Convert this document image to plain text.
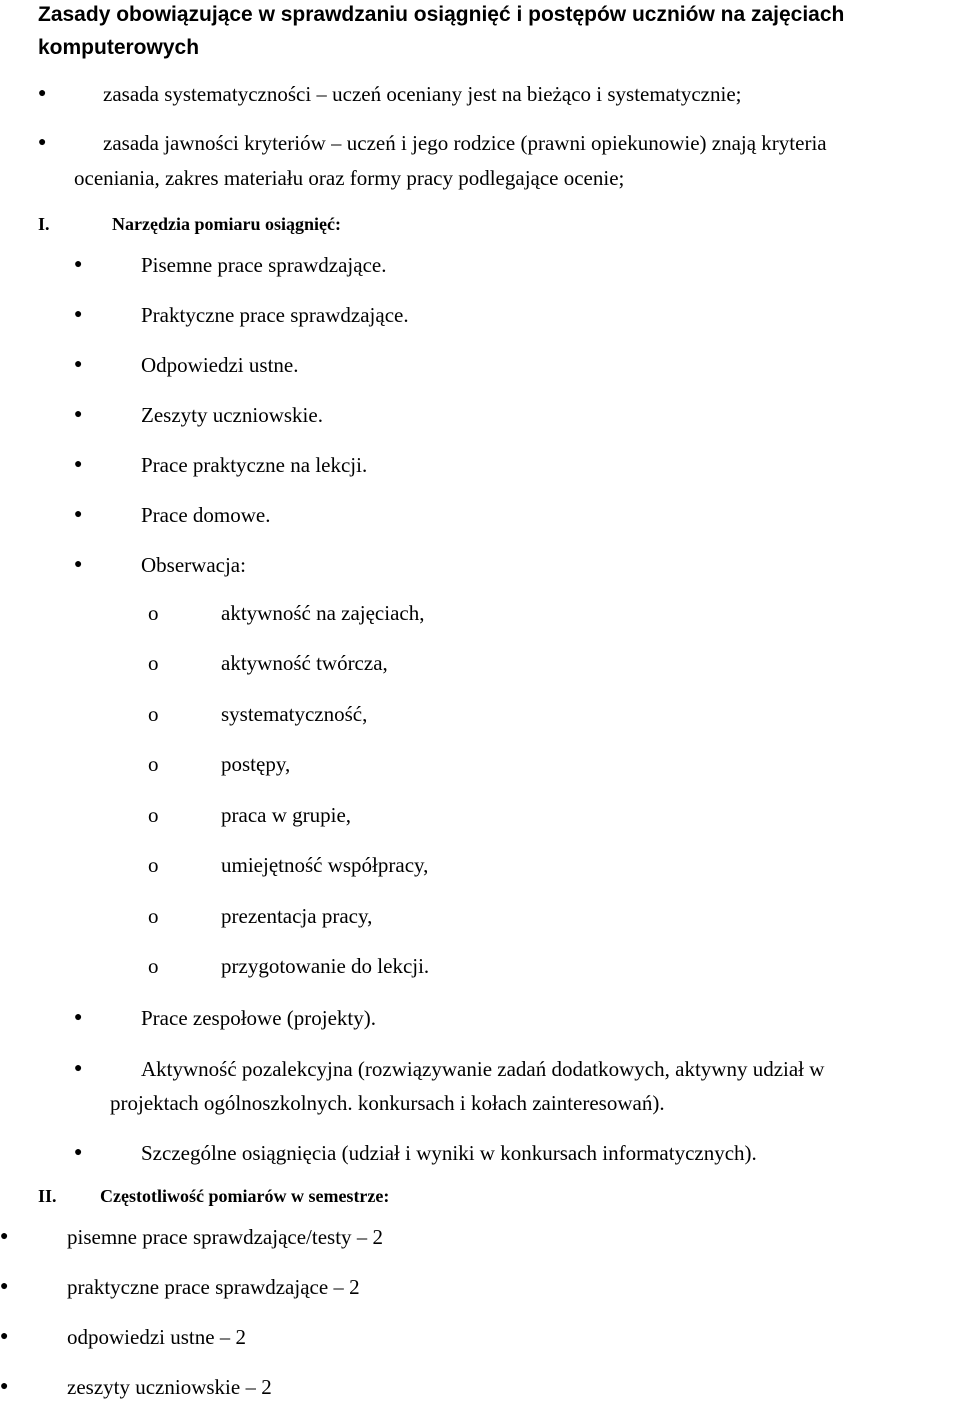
Zasady obowiązujące w sprawdzaniu osiągnięć i postępów uczniów na zajęciach komputerowych
●	zasada systematyczności ⎯ uczeń oceniany jest na bieżąco i systematycznie;
●	zasada jawności kryteriów ⎯ uczeń i jego rodzice (prawni opiekunowie) znają kryteria
oceniania, zakres materiału oraz formy pracy podlegające ocenie;
I.	Narzędzia pomiaru osiągnięć:
●	Pisemne prace sprawdzające.
●	Praktyczne prace sprawdzające.
●	Odpowiedzi ustne.
●	Zeszyty uczniowskie.
●	Prace praktyczne na lekcji.
●	Prace domowe.
●	Obserwacja:
o	aktywność na zajęciach,
o	aktywność twórcza,
o	systematyczność,
o	postępy,
o	praca w grupie,
o	umiejętność współpracy,
o	prezentacja pracy,
o	przygotowanie do lekcji.
●	Prace zespołowe (projekty).
●	Aktywność pozalekcyjna (rozwiązywanie zadań dodatkowych, aktywny udział w
projektach ogólnoszkolnych. konkursach i kołach zainteresowań).
●	Szczególne osiągnięcia (udział i wyniki w konkursach informatycznych).
II. Częstotliwość pomiarów w semestrze:
●	pisemne prace sprawdzające/testy ⎯ 2
●	praktyczne prace sprawdzające ⎯ 2
●	odpowiedzi ustne ⎯ 2
●	zeszyty uczniowskie ⎯ 2
